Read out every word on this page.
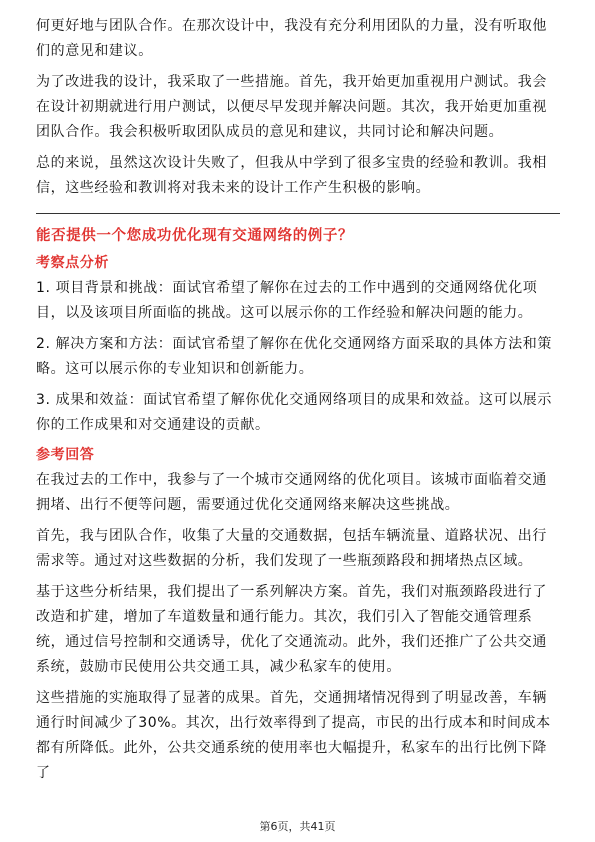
何更好地与团队合作。在那次设计中，我没有充分利用团队的力量，没有听取他们的意见和建议。

为了改进我的设计，我采取了一些措施。首先，我开始更加重视用户测试。我会在设计初期就进行用户测试，以便尽早发现并解决问题。其次，我开始更加重视团队合作。我会积极听取团队成员的意见和建议，共同讨论和解决问题。

总的来说，虽然这次设计失败了，但我从中学到了很多宝贵的经验和教训。我相信，这些经验和教训将对我未来的设计工作产生积极的影响。

能否提供一个您成功优化现有交通网络的例子？
考察点分析

1. 项目背景和挑战：面试官希望了解你在过去的工作中遇到的交通网络优化项目，以及该项目所面临的挑战。这可以展示你的工作经验和解决问题的能力。

2. 解决方案和方法：面试官希望了解你在优化交通网络方面采取的具体方法和策略。这可以展示你的专业知识和创新能力。

3. 成果和效益：面试官希望了解你优化交通网络项目的成果和效益。这可以展示你的工作成果和对交通建设的贡献。

参考回答

在我过去的工作中，我参与了一个城市交通网络的优化项目。该城市面临着交通拥堵、出行不便等问题，需要通过优化交通网络来解决这些挑战。

首先，我与团队合作，收集了大量的交通数据，包括车辆流量、道路状况、出行需求等。通过对这些数据的分析，我们发现了一些瓶颈路段和拥堵热点区域。

基于这些分析结果，我们提出了一系列解决方案。首先，我们对瓶颈路段进行了改造和扩建，增加了车道数量和通行能力。其次，我们引入了智能交通管理系统，通过信号控制和交通诱导，优化了交通流动。此外，我们还推广了公共交通系统，鼓励市民使用公共交通工具，减少私家车的使用。

这些措施的实施取得了显著的成果。首先，交通拥堵情况得到了明显改善，车辆通行时间减少了30%。其次，出行效率得到了提高，市民的出行成本和时间成本都有所降低。此外，公共交通系统的使用率也大幅提升，私家车的出行比例下降了

第6页，共41页
